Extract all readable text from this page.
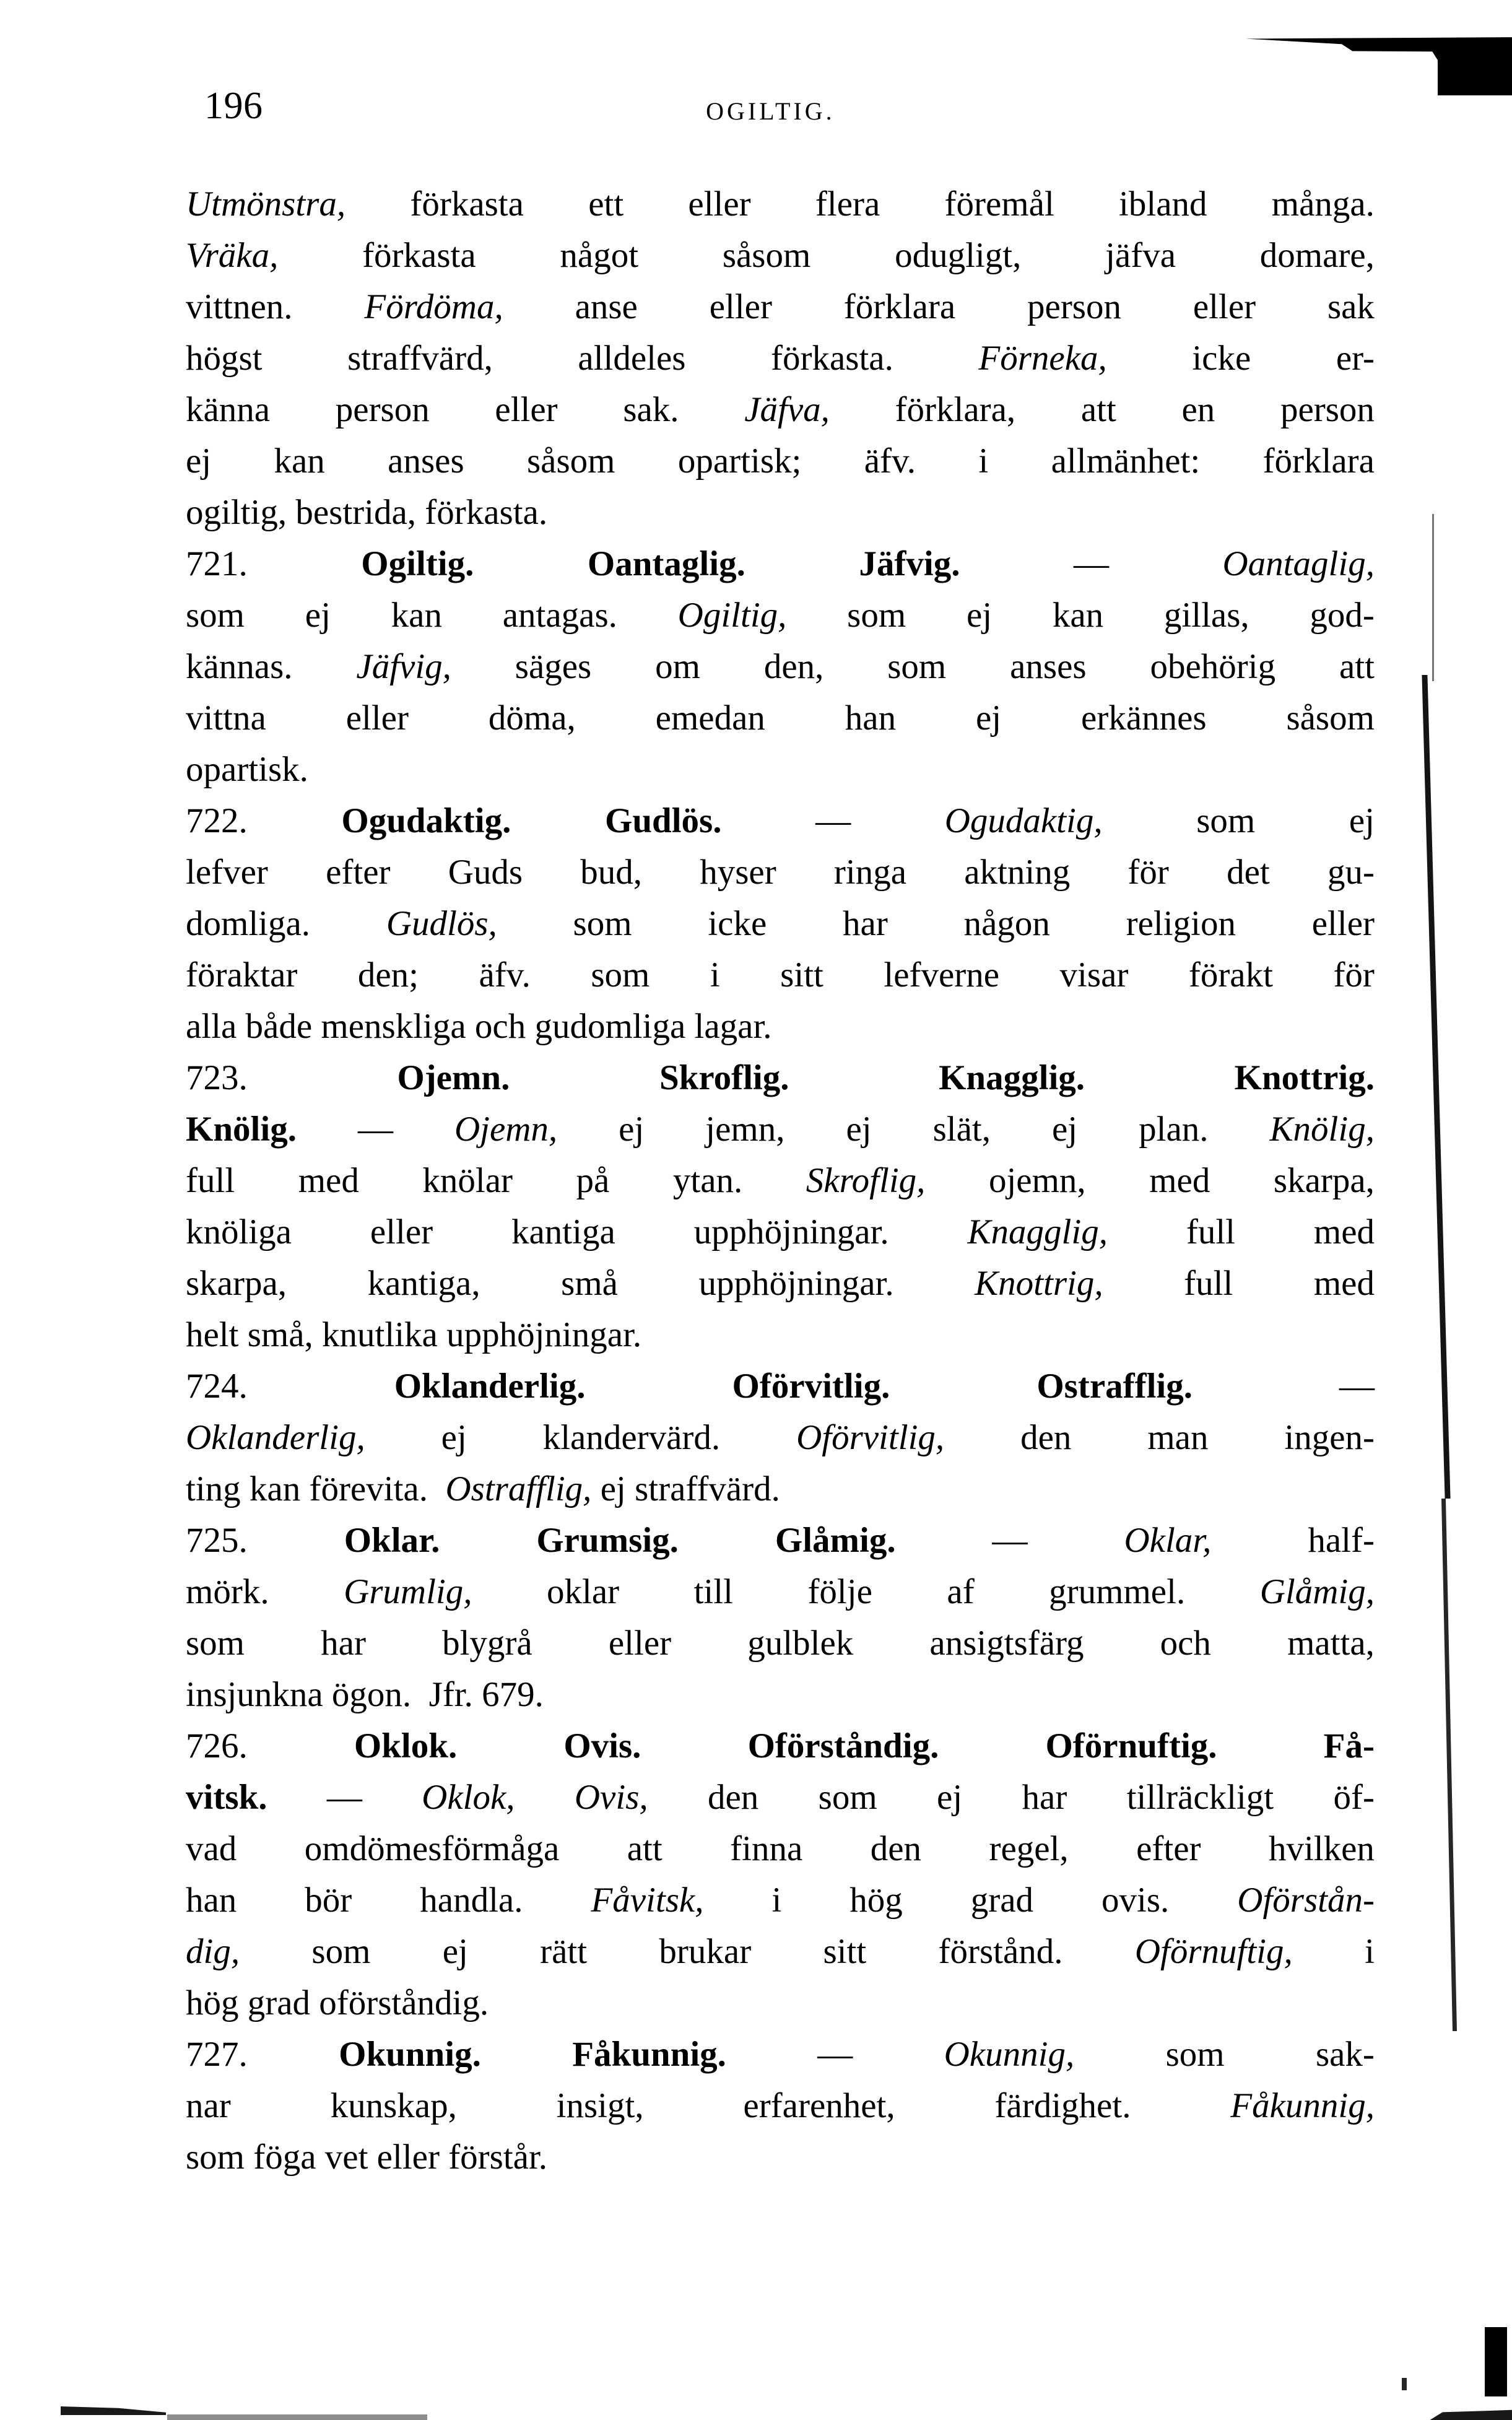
196	OGILTIG.
Utmönstra, förkasta ett eller flera föremål ibland många.
Vräka, förkasta något såsom odugligt, jäfva domare,
vittnen. Fördöma, anse eller förklara person eller sak
högst straffvärd, alldeles förkasta. Förneka, icke er-
känna person eller sak. Jäfva, förklara, att en person
ej kan anses såsom opartisk; äfv. i allmänhet: förklara
ogiltig, bestrida, förkasta.
721.	Ogiltig.	Oantaglig.	Jäfvig.	—	Oantaglig,
som ej kan antagas. Ogiltig, som ej kan gillas, god-
kännas. Jäfvig, säges om den, som anses obehörig att
vittna eller döma, emedan han ej erkännes såsom
opartisk.
722.	Ogudaktig.	Gudlös.	—	Ogudaktig,	som	ej
lefver efter Guds bud, hyser ringa aktning för det gu-
domliga. Gudlös, som icke har någon religion eller
föraktar den; äfv. som i sitt lefverne visar förakt för
alla både menskliga och gudomliga lagar.
723.	Ojemn.	Skroflig.	Knagglig.	Knottrig.
Knölig. — Ojemn, ej jemn, ej slät, ej plan. Knölig,
full med knölar på ytan. Skroflig, ojemn, med skarpa,
knöliga eller kantiga upphöjningar. Knagglig, full med
skarpa, kantiga, små upphöjningar. Knottrig, full med
helt små, knutlika upphöjningar.
724.	Oklanderlig.	Oförvitlig.	Ostrafflig.	—
Oklanderlig, ej klandervärd. Oförvitlig, den man ingen-
ting kan förevita.  Ostrafflig, ej straffvärd.
725.	Oklar.	Grumsig.	Glåmig.	—	Oklar,	half-
mörk. Grumlig, oklar till följe af grummel. Glåmig,
som har blygrå eller gulblek ansigtsfärg och matta,
insjunkna ögon.  Jfr. 679.
726.	Oklok.	Ovis.	Oförståndig.	Oförnuftig.	Få-
vitsk. — Oklok, Ovis, den som ej har tillräckligt öf-
vad omdömesförmåga att finna den regel, efter hvilken
han bör handla. Fåvitsk, i hög grad ovis. Oförstån-
dig, som ej rätt brukar sitt förstånd. Oförnuftig, i
hög grad oförståndig.
727.	Okunnig.	Fåkunnig.	—	Okunnig,	som	sak-
nar	kunskap,	insigt,	erfarenhet,	färdighet.	Fåkunnig,
som föga vet eller förstår.
